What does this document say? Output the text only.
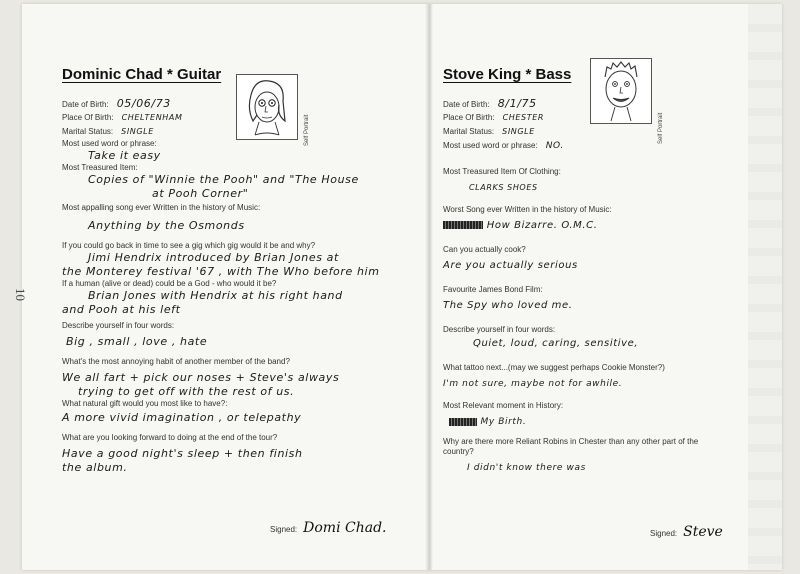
10
Dominic Chad * Guitar
Date of Birth: 05/06/73
Place Of Birth: CHELTENHAM
Marital Status: SINGLE
Most used word or phrase:
Take it easy
Most Treasured Item:
Copies of "Winnie the Pooh" and "The House
at Pooh Corner"
Most appalling song ever Written in the history of Music:
Anything by the Osmonds
If you could go back in time to see a gig which gig would it be and why?
Jimi Hendrix introduced by Brian Jones at
the Monterey festival '67 , with The Who before him
If a human (alive or dead) could be a God - who would it be?
Brian Jones with Hendrix at his right hand
and Pooh at his left
Describe yourself in four words:
Big , small , love , hate
What's the most annoying habit of another member of the band?
We all fart + pick our noses + Steve's always
trying to get off with the rest of us.
What natural gift would you most like to have?:
A more vivid imagination , or telepathy
What are you looking forward to doing at the end of the tour?
Have a good night's sleep + then finish
the album.
Self Portrait
Signed: Domi Chad.
Stove King * Bass
Date of Birth: 8/1/75
Place Of Birth: CHESTER
Marital Status: SINGLE
Most used word or phrase: NO.
Most Treasured Item Of Clothing:
CLARKS SHOES
Worst Song ever Written in the history of Music:
How Bizarre. O.M.C.
Can you actually cook?
Are you actually serious
Favourite James Bond Film:
The Spy who loved me.
Describe yourself in four words:
Quiet, loud, caring, sensitive,
What tattoo next...(may we suggest perhaps Cookie Monster?)
I'm not sure, maybe not for awhile.
Most Relevant moment in History:
My Birth.
Why are there more Reliant Robins in Chester than any other part of the
country?
I didn't know there was
Self Portrait
Signed: Steve
